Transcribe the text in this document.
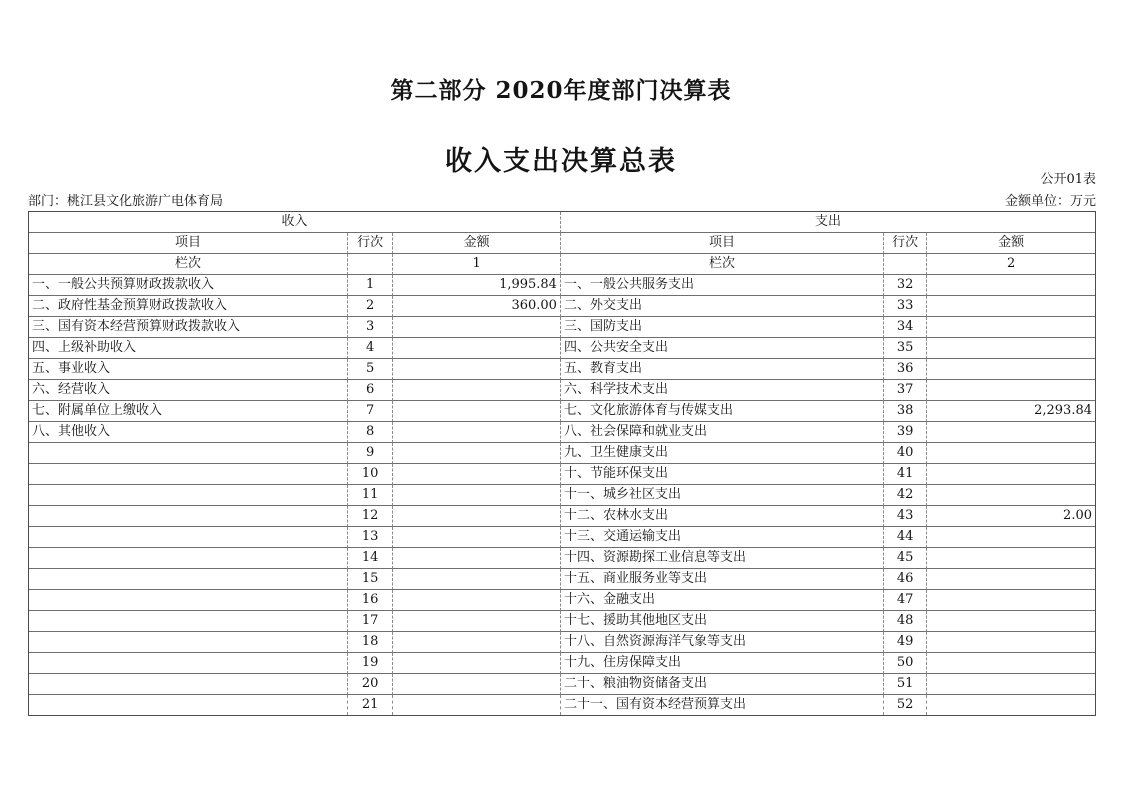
第二部分 2020年度部门决算表
收入支出决算总表
公开01表
部门：桃江县文化旅游广电体育局	金额单位：万元
收入			支出		
项目	行次	金额	项目	行次	金额
栏次		1	栏次		2
一、一般公共预算财政拨款收入	1	1,995.84	一、一般公共服务支出	32	
二、政府性基金预算财政拨款收入	2	360.00	二、外交支出	33	
三、国有资本经营预算财政拨款收入	3		三、国防支出	34	
四、上级补助收入	4		四、公共安全支出	35	
五、事业收入	5		五、教育支出	36	
六、经营收入	6		六、科学技术支出	37	
七、附属单位上缴收入	7		七、文化旅游体育与传媒支出	38	2,293.84
八、其他收入	8		八、社会保障和就业支出	39	
	9		九、卫生健康支出	40	
	10		十、节能环保支出	41	
	11		十一、城乡社区支出	42	
	12		十二、农林水支出	43	2.00
	13		十三、交通运输支出	44	
	14		十四、资源勘探工业信息等支出	45	
	15		十五、商业服务业等支出	46	
	16		十六、金融支出	47	
	17		十七、援助其他地区支出	48	
	18		十八、自然资源海洋气象等支出	49	
	19		十九、住房保障支出	50	
	20		二十、粮油物资储备支出	51	
	21		二十一、国有资本经营预算支出	52	
